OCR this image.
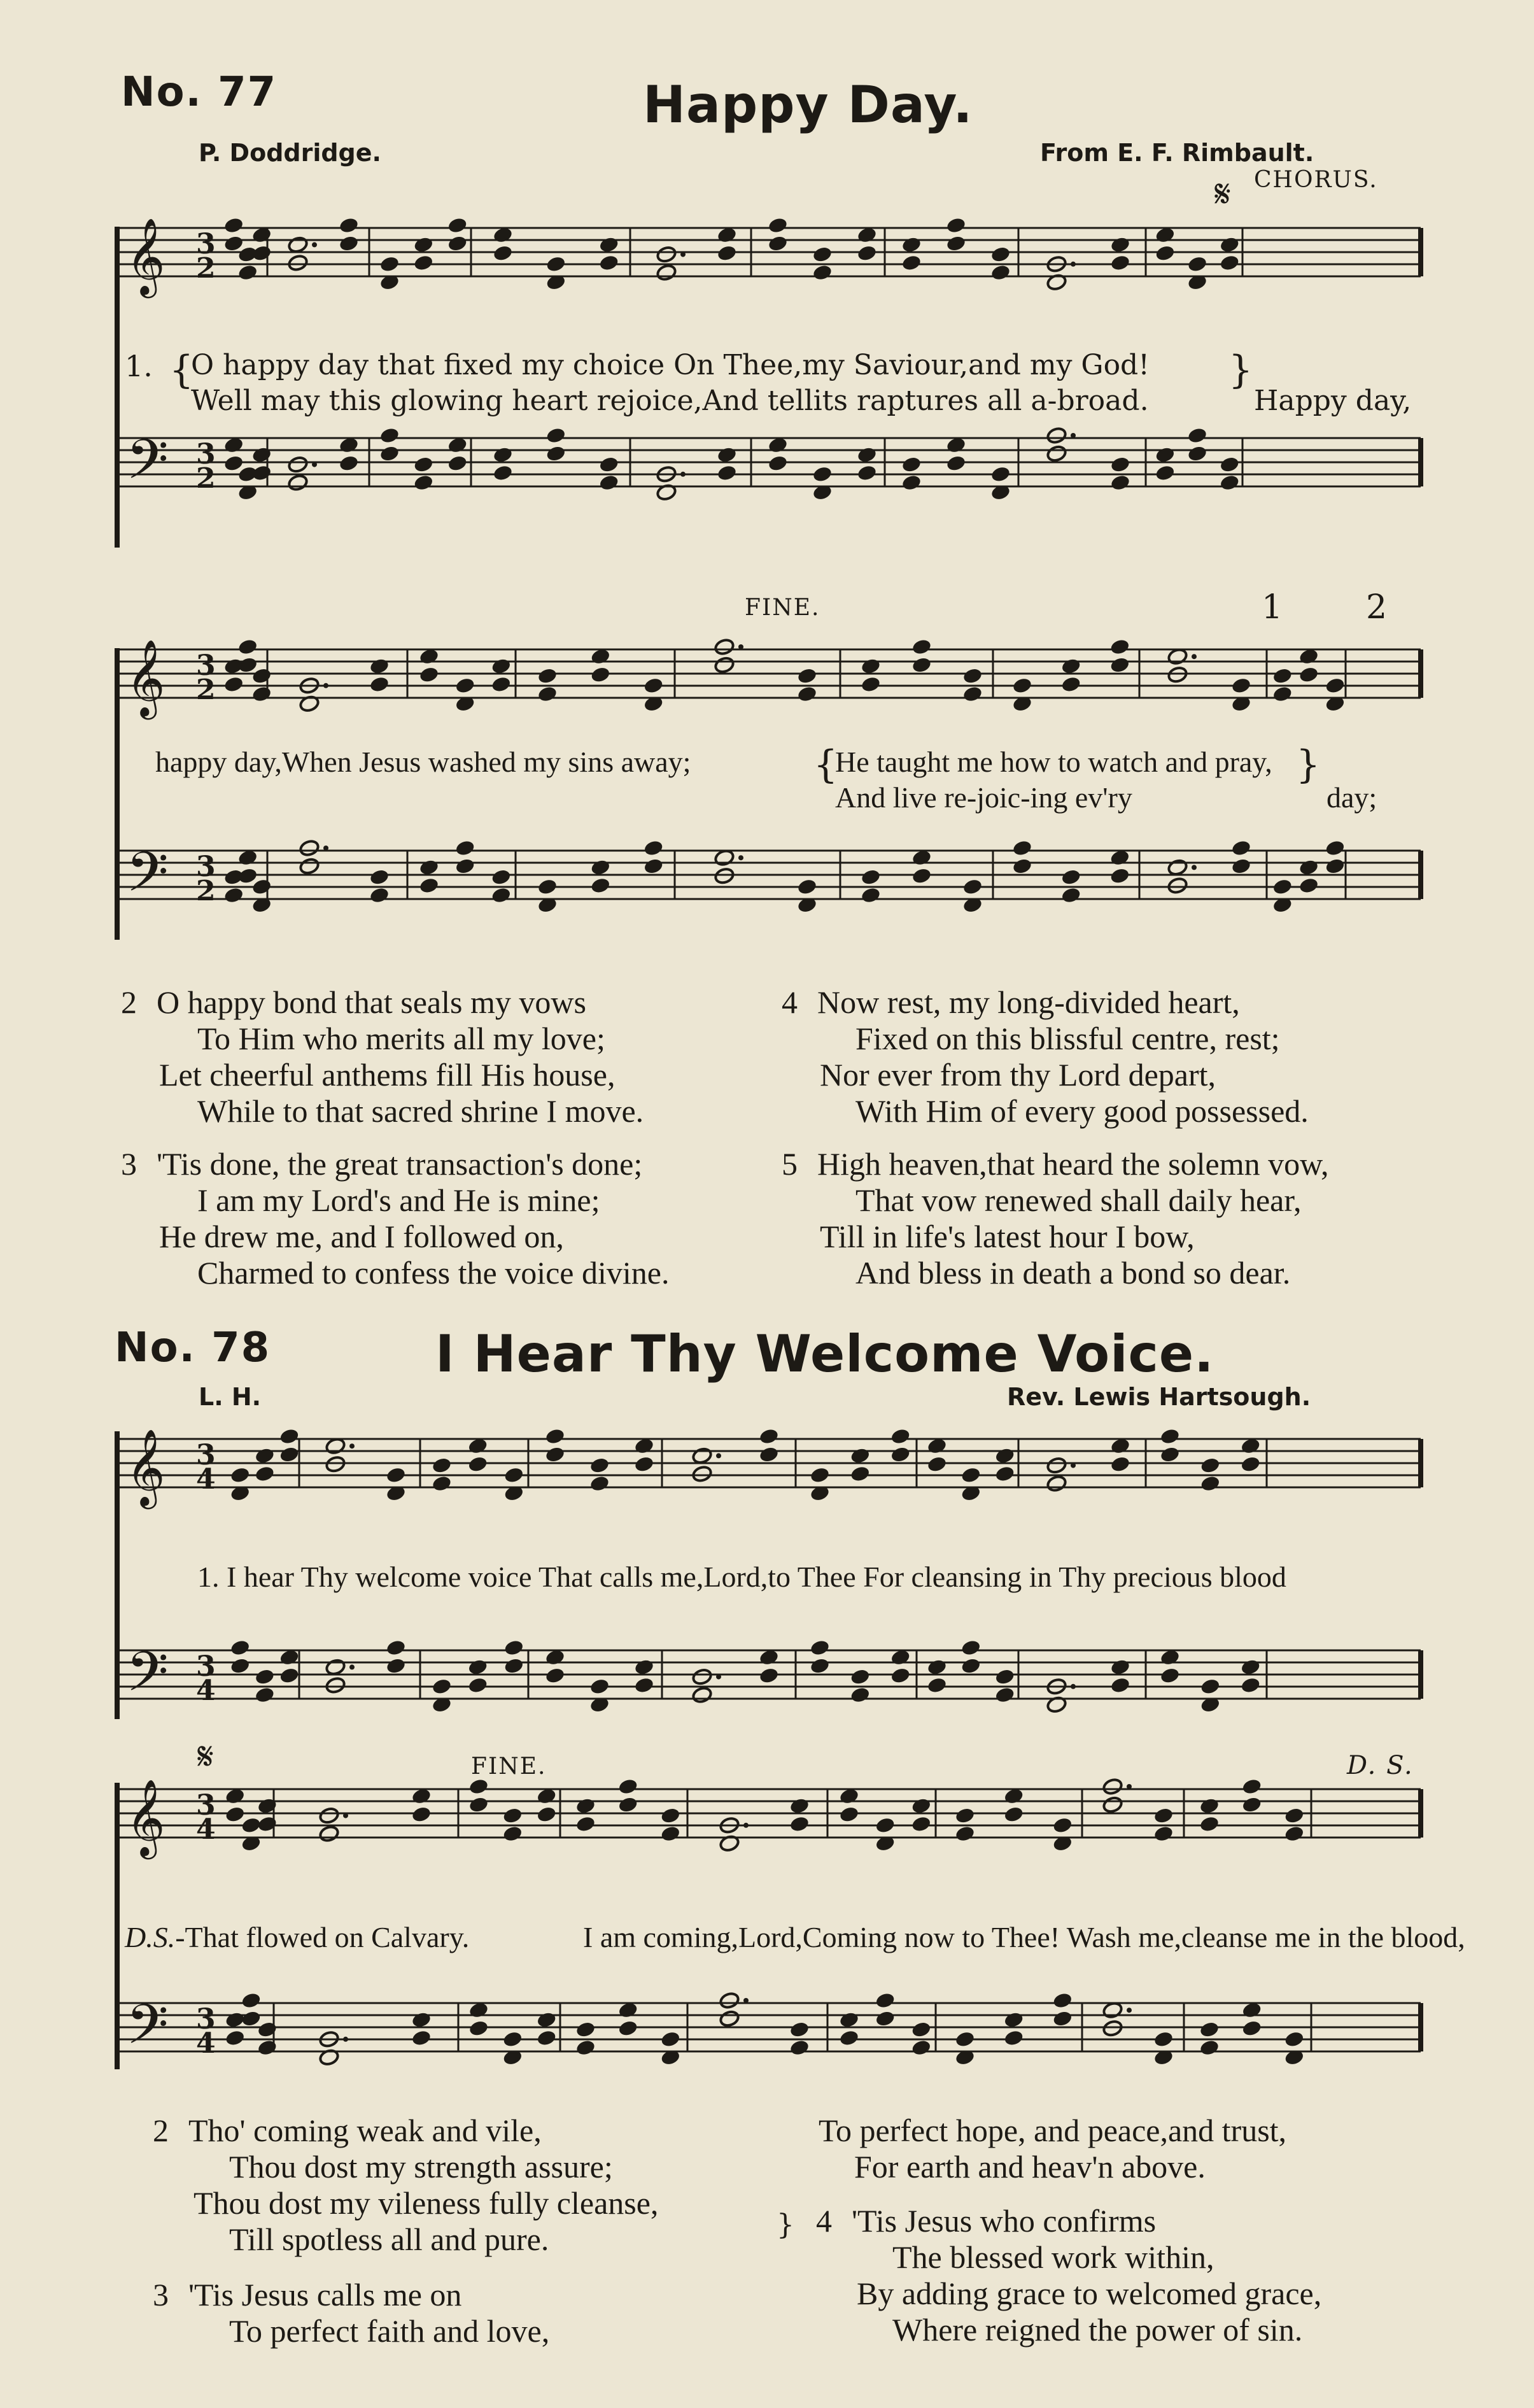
No. 77	Happy Day.
P. Doddridge.	From E. F. Rimbault.
CHORUS.
𝄋
𝄞 3
2
𝄢 3
2
𝄞 3
2
𝄢 3
2
𝄞 3
4
𝄢 3
4
𝄞 3
4
𝄢 3
4
1. {
O happy day that fixed my choice On Thee,my Saviour,and my God!
Well may this glowing heart rejoice,And tellits raptures all a-broad.
}
Happy day,
FINE.	1 2
happy day,When Jesus washed my sins away;	{
He taught me how to watch and pray,
And live re-joic-ing ev'ry
}
day;
2 O happy bond that seals my vows
To Him who merits all my love;
Let cheerful anthems fill His house,
While to that sacred shrine I move.
3 'Tis done, the great transaction's done;
I am my Lord's and He is mine;
He drew me, and I followed on,
Charmed to confess the voice divine.
4 Now rest, my long-divided heart,
Fixed on this blissful centre, rest;
Nor ever from thy Lord depart,
With Him of every good possessed.
5 High heaven,that heard the solemn vow,
That vow renewed shall daily hear,
Till in life's latest hour I bow,
And bless in death a bond so dear.
No. 78	I Hear Thy Welcome Voice.
L. H.	Rev. Lewis Hartsough.
1. I hear Thy welcome voice That calls me,Lord,to Thee For cleansing in Thy precious blood
𝄋	FINE.	D. S.
D.S.-That flowed on Calvary.	I am coming,Lord,Coming now to Thee! Wash me,cleanse me in the blood,
2 Tho' coming weak and vile,
Thou dost my strength assure;
Thou dost my vileness fully cleanse,
Till spotless all and pure.
3 'Tis Jesus calls me on
To perfect faith and love,
To perfect hope, and peace,and trust,
For earth and heav'n above.
} 4 'Tis Jesus who confirms
The blessed work within,
By adding grace to welcomed grace,
Where reigned the power of sin.
